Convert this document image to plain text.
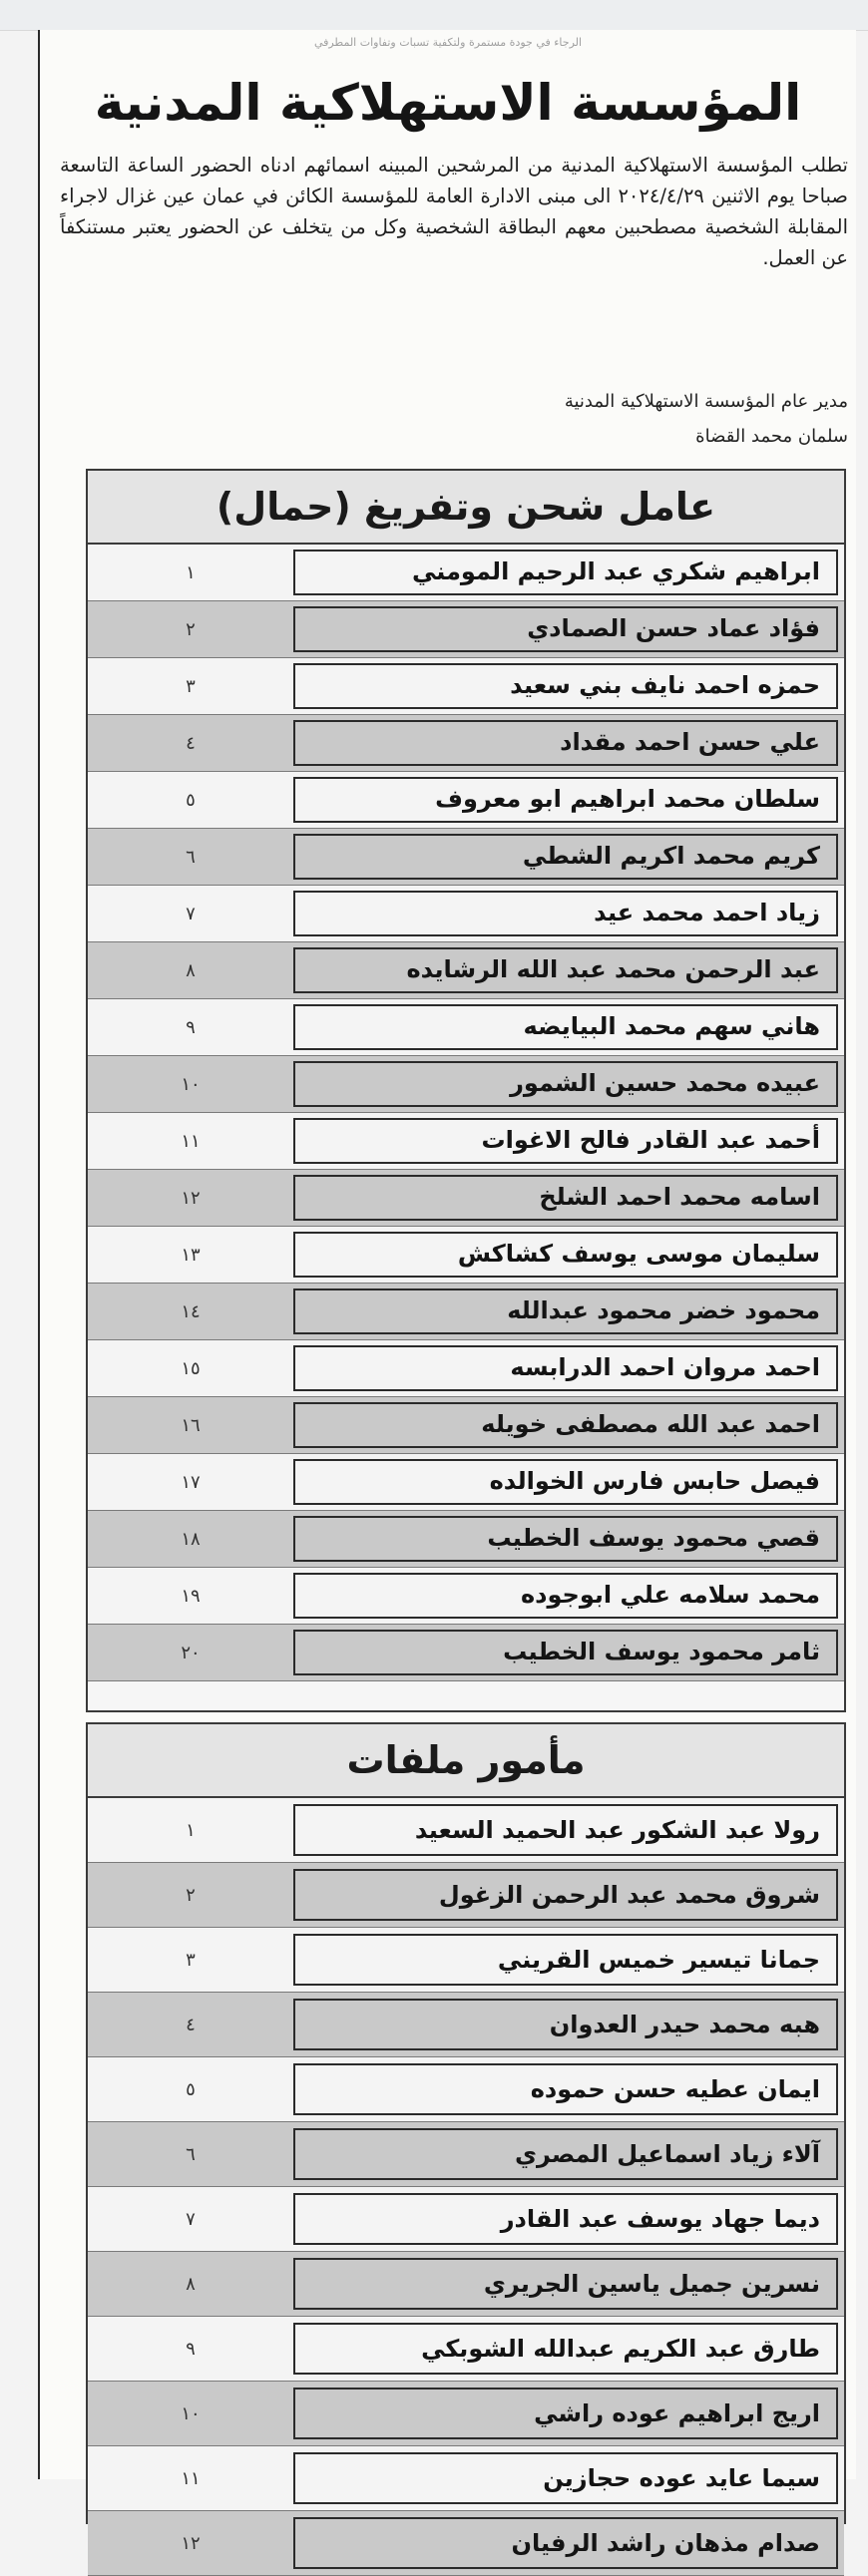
الرجاء في جودة مستمرة ولتكفية تسبات وتفاوات المطرفي
المؤسسة الاستهلاكية المدنية
تطلب المؤسسة الاستهلاكية المدنية من المرشحين المبينه اسمائهم ادناه الحضور الساعة التاسعة صباحا يوم الاثنين ٢٠٢٤/٤/٢٩ الى مبنى الادارة العامة للمؤسسة الكائن في عمان عين غزال لاجراء المقابلة الشخصية مصطحبين معهم البطاقة الشخصية وكل من يتخلف عن الحضور يعتبر مستنكفاً عن العمل.
مدير عام المؤسسة الاستهلاكية المدنية
سلمان محمد القضاة
عامل شحن وتفريغ (حمال)
ابراهيم شكري عبد الرحيم المومني
١
فؤاد عماد حسن الصمادي
٢
حمزه احمد نايف بني سعيد
٣
علي حسن احمد مقداد
٤
سلطان محمد ابراهيم ابو معروف
٥
كريم محمد اكريم الشطي
٦
زياد احمد محمد عيد
٧
عبد الرحمن محمد عبد الله الرشايده
٨
هاني سهم محمد البيايضه
٩
عبيده محمد حسين الشمور
١٠
أحمد عبد القادر فالح الاغوات
١١
اسامه محمد احمد الشلخ
١٢
سليمان موسى يوسف كشاكش
١٣
محمود خضر محمود عبدالله
١٤
احمد مروان احمد الدرابسه
١٥
احمد عبد الله مصطفى خويله
١٦
فيصل حابس فارس الخوالده
١٧
قصي محمود يوسف الخطيب
١٨
محمد سلامه علي ابوجوده
١٩
ثامر محمود يوسف الخطيب
٢٠
مأمور ملفات
رولا عبد الشكور عبد الحميد السعيد
١
شروق محمد عبد الرحمن الزغول
٢
جمانا تيسير خميس القريني
٣
هبه محمد حيدر العدوان
٤
ايمان عطيه حسن حموده
٥
آلاء زياد اسماعيل المصري
٦
ديما جهاد يوسف عبد القادر
٧
نسرين جميل ياسين الجريري
٨
طارق عبد الكريم عبدالله الشوبكي
٩
اريج ابراهيم عوده راشي
١٠
سيما عايد عوده حجازين
١١
صدام مذهان راشد الرفيان
١٢
